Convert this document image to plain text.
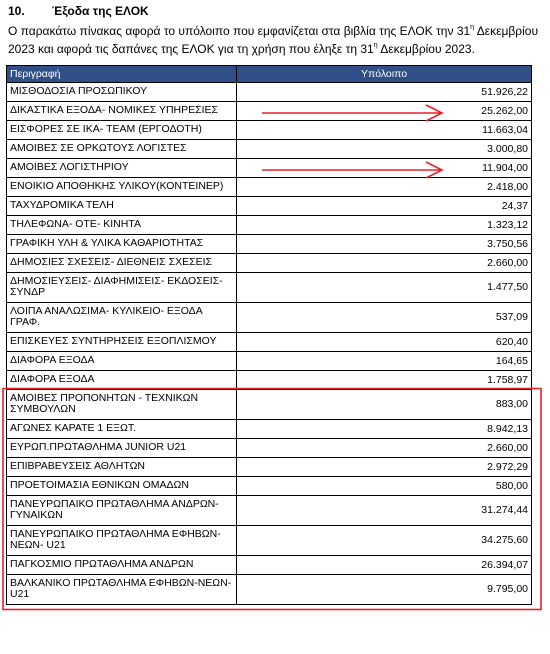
10. Έξοδα της ΕΛΟΚ
Ο παρακάτω πίνακας αφορά το υπόλοιπο που εμφανίζεται στα βιβλία της ΕΛΟΚ την $31^\eta$ Δεκεμβρίου 2023 και αφορά τις δαπάνες της ΕΛΟΚ για τη χρήση που έληξε τη $31^\eta$ Δεκεμβρίου 2023.
Περιγραφή	Υπόλοιπο
ΜΙΣΘΟΔΟΣΙΑ ΠΡΟΣΩΠΙΚΟΥ	51.926,22
ΔΙΚΑΣΤΙΚΑ ΕΞΟΔΑ- ΝΟΜΙΚΕΣ ΥΠΗΡΕΣΙΕΣ	25.262,00
ΕΙΣΦΟΡΕΣ ΣΕ ΙΚΑ- TEAM (ΕΡΓΟΔΟΤΗ)	11.663,04
ΑΜΟΙΒΕΣ ΣΕ ΟΡΚΩΤΟΥΣ ΛΟΓΙΣΤΕΣ	3.000,80
ΑΜΟΙΒΕΣ ΛΟΓΙΣΤΗΡΙΟΥ	11.904,00
ΕΝΟΙΚΙΟ ΑΠΟΘΗΚΗΣ ΥΛΙΚΟΥ(ΚΟΝΤΕΙΝΕΡ)	2.418,00
ΤΑΧΥΔΡΟΜΙΚΑ ΤΕΛΗ	24,37
ΤΗΛΕΦΩΝΑ- ΟΤΕ- ΚΙΝΗΤΑ	1.323,12
ΓΡΑΦΙΚΗ ΥΛΗ & ΥΛΙΚΑ ΚΑΘΑΡΙΟΤΗΤΑΣ	3.750,56
ΔΗΜΟΣΙΕΣ ΣΧΕΣΕΙΣ- ΔΙΕΘΝΕΙΣ ΣΧΕΣΕΙΣ	2.660,00
ΔΗΜΟΣΙΕΥΣΕΙΣ- ΔΙΑΦΗΜΙΣΕΙΣ- ΕΚΔΟΣΕΙΣ-ΣΥΝΔΡ	1.477,50
ΛΟΙΠΑ ΑΝΑΛΩΣΙΜΑ- ΚΥΛΙΚΕΙΟ- ΕΞΟΔΑ ΓΡΑΦ.	537,09
ΕΠΙΣΚΕΥΕΣ ΣΥΝΤΗΡΗΣΕΙΣ ΕΞΟΠΛΙΣΜΟΥ	620,40
ΔΙΑΦΟΡΑ ΕΞΟΔΑ	164,65
ΔΙΑΦΟΡΑ ΕΞΟΔΑ	1.758,97
ΑΜΟΙΒΕΣ ΠΡΟΠΟΝΗΤΩΝ - ΤΕΧΝΙΚΩΝ ΣΥΜΒΟΥΛΩΝ	883,00
ΑΓΩΝΕΣ ΚΑΡΑΤΕ 1 ΕΞΩΤ.	8.942,13
ΕΥΡΩΠ.ΠΡΩΤΑΘΛΗΜΑ JUNIOR U21	2.660,00
ΕΠΙΒΡΑΒΕΥΣΕΙΣ ΑΘΛΗΤΩΝ	2.972,29
ΠΡΟΕΤΟΙΜΑΣΙΑ ΕΘΝΙΚΩΝ ΟΜΑΔΩΝ	580,00
ΠΑΝΕΥΡΩΠΑΙΚΟ ΠΡΩΤΑΘΛΗΜΑ ΑΝΔΡΩΝ-ΓΥΝΑΙΚΩΝ	31.274,44
ΠΑΝΕΥΡΩΠΑΙΚΟ ΠΡΩΤΑΘΛΗΜΑ ΕΦΗΒΩΝ-ΝΕΩΝ- U21	34.275,60
ΠΑΓΚΟΣΜΙΟ ΠΡΩΤΑΘΛΗΜΑ ΑΝΔΡΩΝ	26.394,07
ΒΑΛΚΑΝΙΚΟ ΠΡΩΤΑΘΛΗΜΑ ΕΦΗΒΩΝ-ΝΕΩΝ- U21	9.795,00
